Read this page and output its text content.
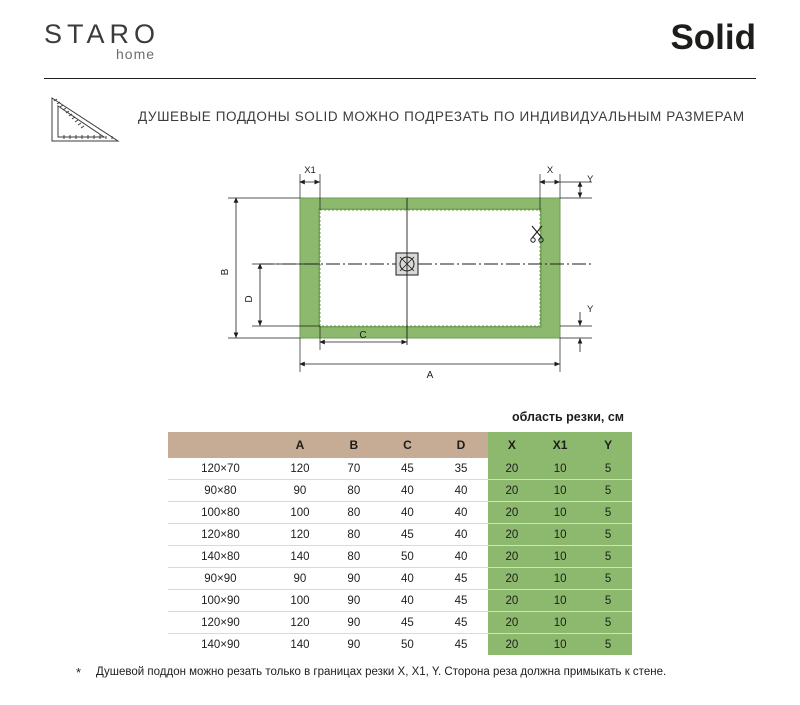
STARO
home	Solid
ДУШЕВЫЕ ПОДДОНЫ SOLID МОЖНО ПОДРЕЗАТЬ ПО ИНДИВИДУАЛЬНЫМ РАЗМЕРАМ
X1	X
Y
Y
B
D
C
A
область резки, см
	A	B	C	D	X	X1	Y
120×70	120	70	45	35	20	10	5
90×80	90	80	40	40	20	10	5
100×80	100	80	40	40	20	10	5
120×80	120	80	45	40	20	10	5
140×80	140	80	50	40	20	10	5
90×90	90	90	40	45	20	10	5
100×90	100	90	40	45	20	10	5
120×90	120	90	45	45	20	10	5
140×90	140	90	50	45	20	10	5
* Душевой поддон можно резать только в границах резки X, X1, Y. Сторона реза должна примыкать к стене.
